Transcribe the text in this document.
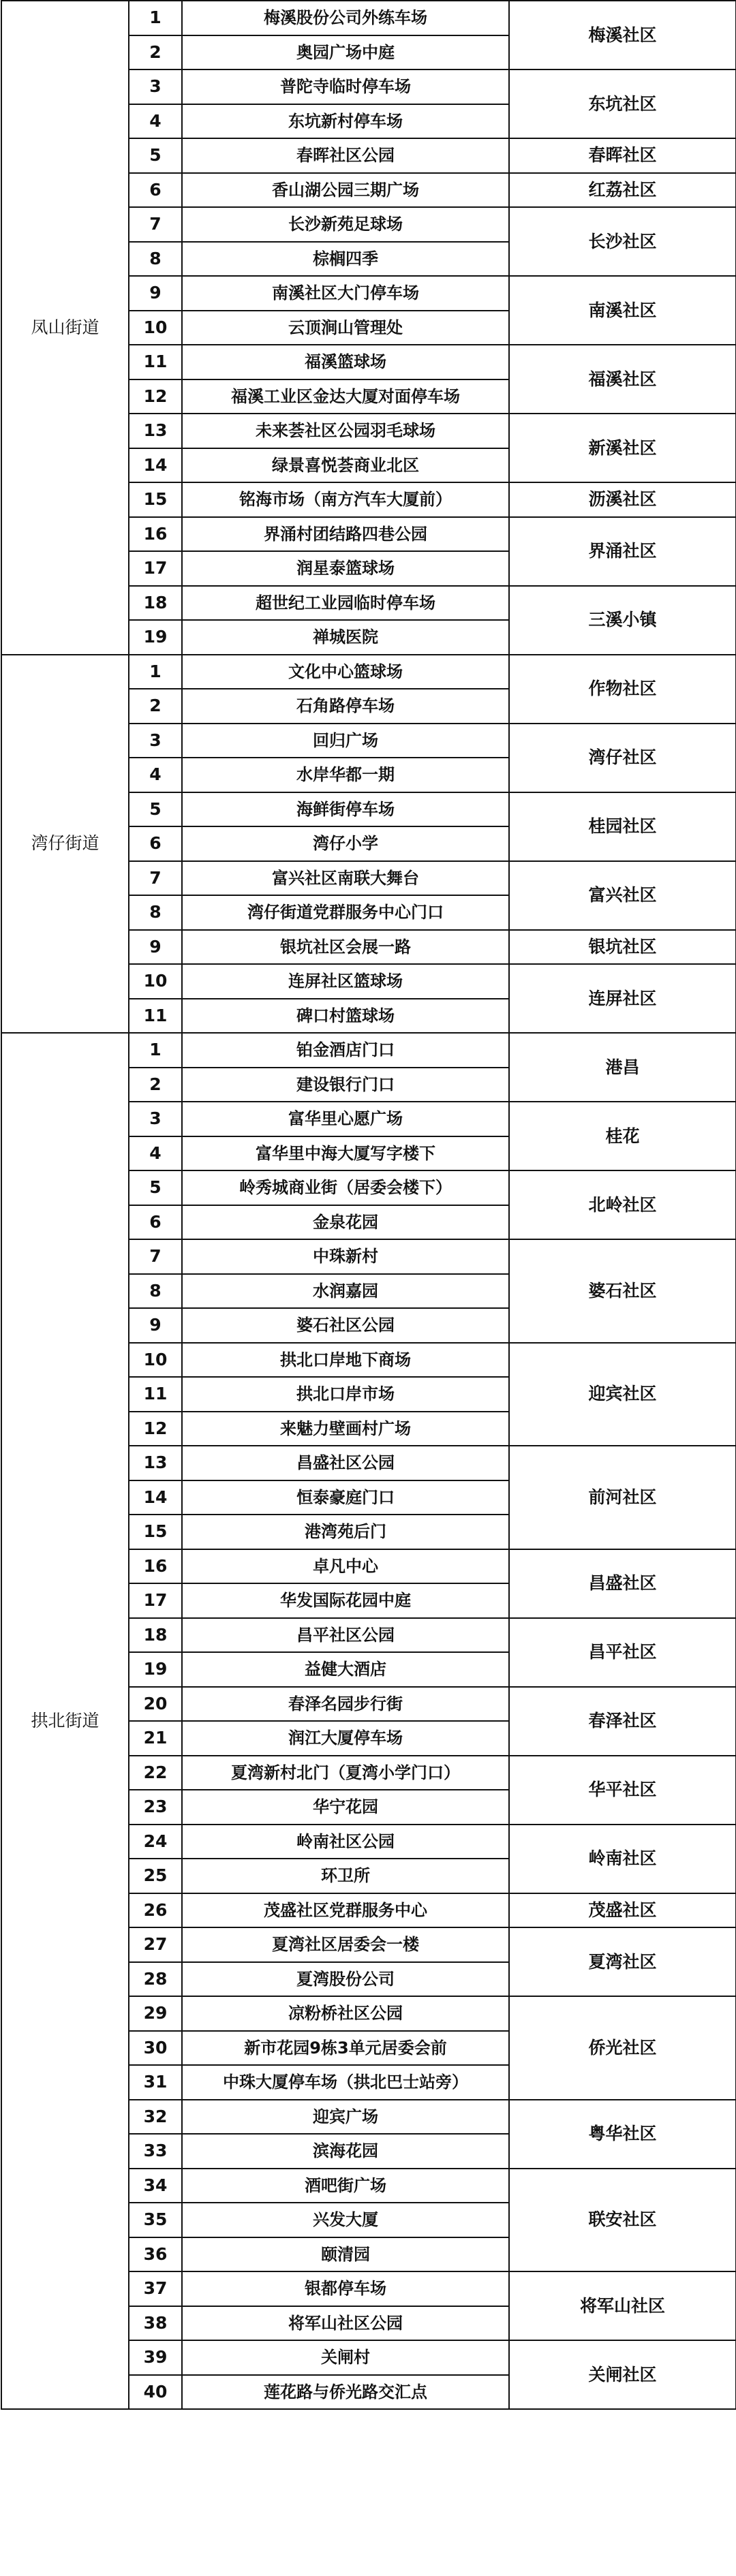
凤山街道	1	梅溪股份公司外练车场	梅溪社区
	2	奥园广场中庭	
	3	普陀寺临时停车场	东坑社区
	4	东坑新村停车场	
	5	春晖社区公园	春晖社区
	6	香山湖公园三期广场	红荔社区
	7	长沙新苑足球场	长沙社区
	8	棕榈四季	
	9	南溪社区大门停车场	南溪社区
	10	云顶涧山管理处	
	11	福溪篮球场	福溪社区
	12	福溪工业区金达大厦对面停车场	
	13	未来荟社区公园羽毛球场	新溪社区
	14	绿景喜悦荟商业北区	
	15	铭海市场（南方汽车大厦前）	沥溪社区
	16	界涌村团结路四巷公园	界涌社区
	17	润星泰篮球场	
	18	超世纪工业园临时停车场	三溪小镇
	19	禅城医院	
湾仔街道	1	文化中心篮球场	作物社区
	2	石角路停车场	
	3	回归广场	湾仔社区
	4	水岸华都一期	
	5	海鲜街停车场	桂园社区
	6	湾仔小学	
	7	富兴社区南联大舞台	富兴社区
	8	湾仔街道党群服务中心门口	
	9	银坑社区会展一路	银坑社区
	10	连屏社区篮球场	连屏社区
	11	碑口村篮球场	
拱北街道	1	铂金酒店门口	港昌
	2	建设银行门口	
	3	富华里心愿广场	桂花
	4	富华里中海大厦写字楼下	
	5	岭秀城商业街（居委会楼下）	北岭社区
	6	金泉花园	
	7	中珠新村	婆石社区
	8	水润嘉园	
	9	婆石社区公园	
	10	拱北口岸地下商场	迎宾社区
	11	拱北口岸市场	
	12	来魅力壁画村广场	
	13	昌盛社区公园	前河社区
	14	恒泰豪庭门口	
	15	港湾苑后门	
	16	卓凡中心	昌盛社区
	17	华发国际花园中庭	
	18	昌平社区公园	昌平社区
	19	益健大酒店	
	20	春泽名园步行街	春泽社区
	21	润江大厦停车场	
	22	夏湾新村北门（夏湾小学门口）	华平社区
	23	华宁花园	
	24	岭南社区公园	岭南社区
	25	环卫所	
	26	茂盛社区党群服务中心	茂盛社区
	27	夏湾社区居委会一楼	夏湾社区
	28	夏湾股份公司	
	29	凉粉桥社区公园	侨光社区
	30	新市花园9栋3单元居委会前	
	31	中珠大厦停车场（拱北巴士站旁）	
	32	迎宾广场	粤华社区
	33	滨海花园	
	34	酒吧街广场	联安社区
	35	兴发大厦	
	36	颐清园	
	37	银都停车场	将军山社区
	38	将军山社区公园	
	39	关闸村	关闸社区
	40	莲花路与侨光路交汇点	
